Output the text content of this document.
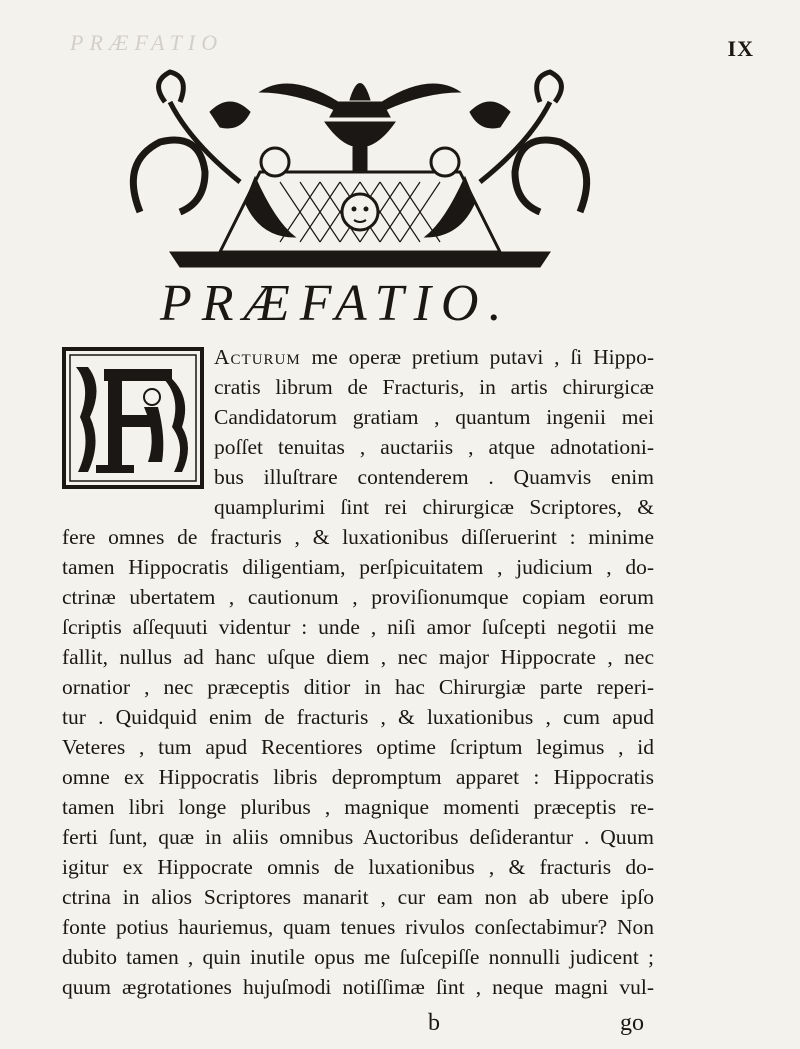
PRÆFATIO	IX
PRÆFATIO.
Acturum me operæ pretium putavi , ſi Hippo-
cratis librum de Fracturis, in artis chirurgicæ
Candidatorum gratiam , quantum ingenii mei
poſſet tenuitas , auctariis , atque adnotationi-
bus illuſtrare contenderem . Quamvis enim
quamplurimi ſint rei chirurgicæ Scriptores, &
fere omnes de fracturis , & luxationibus diſſeruerint : minime
tamen Hippocratis diligentiam, perſpicuitatem , judicium , do-
ctrinæ ubertatem , cautionum , proviſionumque copiam eorum
ſcriptis aſſequuti videntur : unde , niſi amor ſuſcepti negotii me
fallit, nullus ad hanc uſque diem , nec major Hippocrate , nec
ornatior , nec præceptis ditior in hac Chirurgiæ parte reperi-
tur . Quidquid enim de fracturis , & luxationibus , cum apud
Veteres , tum apud Recentiores optime ſcriptum legimus , id
omne ex Hippocratis libris depromptum apparet : Hippocratis
tamen libri longe pluribus , magnique momenti præceptis re-
ferti ſunt, quæ in aliis omnibus Auctoribus deſiderantur . Quum
igitur ex Hippocrate omnis de luxationibus , & fracturis do-
ctrina in alios Scriptores manarit , cur eam non ab ubere ipſo
fonte potius hauriemus, quam tenues rivulos conſectabimur? Non
dubito tamen , quin inutile opus me ſuſcepiſſe nonnulli judicent ;
quum ægrotationes hujuſmodi notiſſimæ ſint , neque magni vul-
b	go
